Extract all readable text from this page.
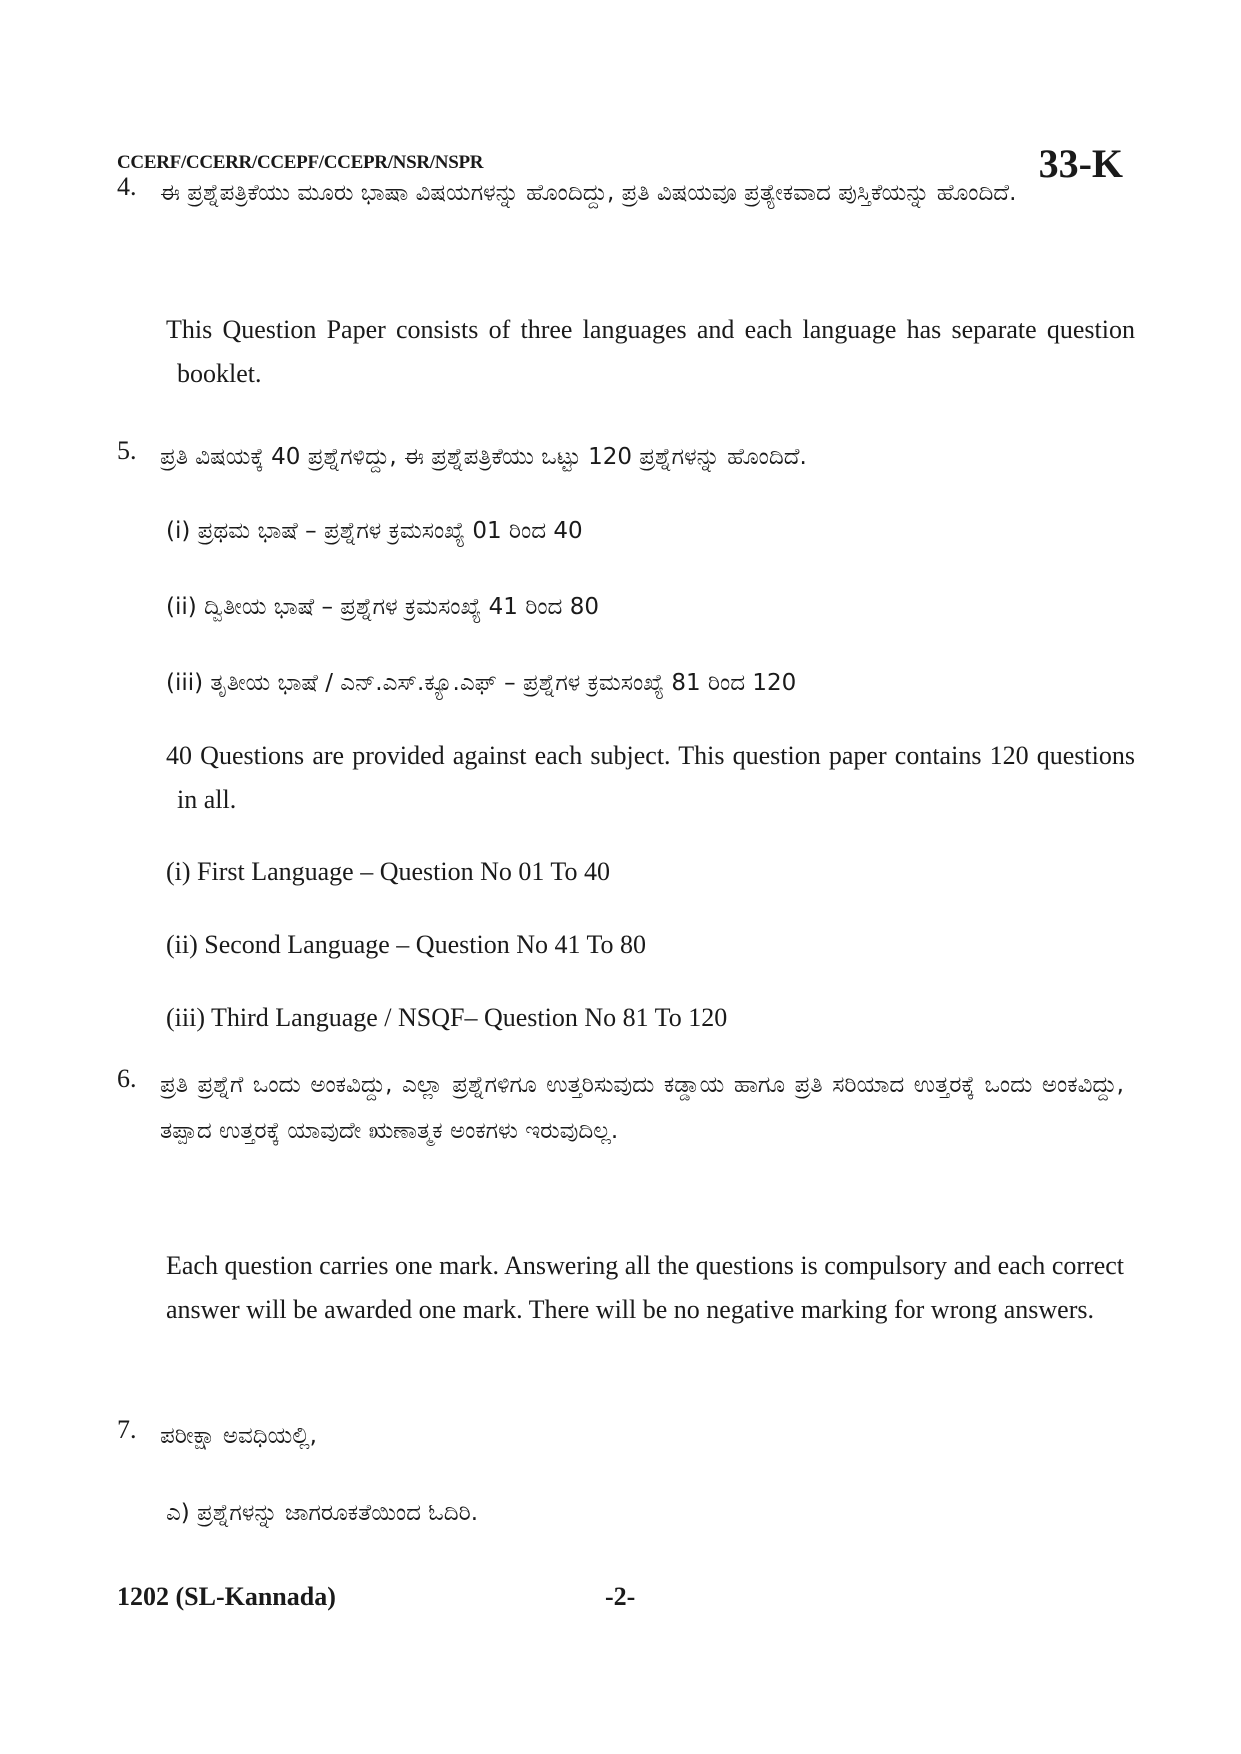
CCERF/CCERR/CCEPF/CCEPR/NSR/NSPR	33-K
4. ಈ ಪ್ರಶ್ನೆಪತ್ರಿಕೆಯು ಮೂರು ಭಾಷಾ ವಿಷಯಗಳನ್ನು ಹೊಂದಿದ್ದು, ಪ್ರತಿ ವಿಷಯವೂ ಪ್ರತ್ಯೇಕವಾದ ಪುಸ್ತಿಕೆಯನ್ನು ಹೊಂದಿದೆ.
This Question Paper consists of three languages and each language has separate question booklet.
5. ಪ್ರತಿ ವಿಷಯಕ್ಕೆ 40 ಪ್ರಶ್ನೆಗಳಿದ್ದು, ಈ ಪ್ರಶ್ನೆಪತ್ರಿಕೆಯು ಒಟ್ಟು 120 ಪ್ರಶ್ನೆಗಳನ್ನು ಹೊಂದಿದೆ.
(i) ಪ್ರಥಮ ಭಾಷೆ – ಪ್ರಶ್ನೆಗಳ ಕ್ರಮಸಂಖ್ಯೆ 01 ರಿಂದ 40
(ii) ದ್ವಿತೀಯ ಭಾಷೆ – ಪ್ರಶ್ನೆಗಳ ಕ್ರಮಸಂಖ್ಯೆ 41 ರಿಂದ 80
(iii) ತೃತೀಯ ಭಾಷೆ / ಎನ್.ಎಸ್.ಕ್ಯೂ.ಎಫ್ – ಪ್ರಶ್ನೆಗಳ ಕ್ರಮಸಂಖ್ಯೆ 81 ರಿಂದ 120
40 Questions are provided against each subject. This question paper contains 120 questions in all.
(i) First Language – Question No 01 To 40
(ii) Second Language – Question No 41 To 80
(iii) Third Language / NSQF– Question No 81 To 120
6. ಪ್ರತಿ ಪ್ರಶ್ನೆಗೆ ಒಂದು ಅಂಕವಿದ್ದು, ಎಲ್ಲಾ ಪ್ರಶ್ನೆಗಳಿಗೂ ಉತ್ತರಿಸುವುದು ಕಡ್ಡಾಯ ಹಾಗೂ ಪ್ರತಿ ಸರಿಯಾದ ಉತ್ತರಕ್ಕೆ ಒಂದು ಅಂಕವಿದ್ದು, ತಪ್ಪಾದ ಉತ್ತರಕ್ಕೆ ಯಾವುದೇ ಋಣಾತ್ಮಕ ಅಂಕಗಳು ಇರುವುದಿಲ್ಲ.
Each question carries one mark. Answering all the questions is compulsory and each correct answer will be awarded one mark. There will be no negative marking for wrong answers.
7. ಪರೀಕ್ಷಾ ಅವಧಿಯಲ್ಲಿ,
ಎ) ಪ್ರಶ್ನೆಗಳನ್ನು ಜಾಗರೂಕತೆಯಿಂದ ಓದಿರಿ.
1202 (SL-Kannada)	-2-
